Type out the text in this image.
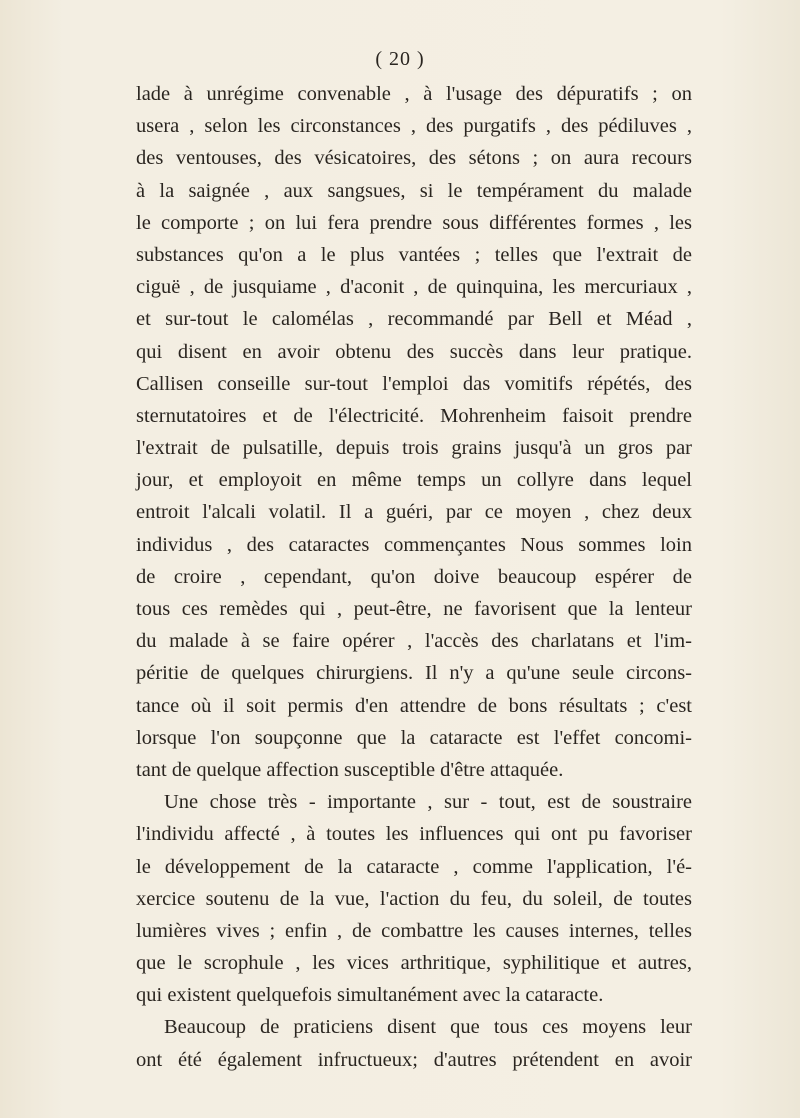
( 20 )
lade à unrégime convenable , à l'usage des dépuratifs ; on
usera , selon les circonstances , des purgatifs , des pédiluves ,
des ventouses, des vésicatoires, des sétons ; on aura recours
à la saignée , aux sangsues, si le tempérament du malade
le comporte ; on lui fera prendre sous différentes formes , les
substances qu'on a le plus vantées ; telles que l'extrait de
ciguë , de jusquiame , d'aconit , de quinquina, les mercuriaux ,
et sur-tout le calomélas , recommandé par Bell et Méad ,
qui disent en avoir obtenu des succès dans leur pratique.
Callisen conseille sur-tout l'emploi das vomitifs répétés, des
sternutatoires et de l'électricité. Mohrenheim faisoit prendre
l'extrait de pulsatille, depuis trois grains jusqu'à un gros par
jour, et employoit en même temps un collyre dans lequel
entroit l'alcali volatil. Il a guéri, par ce moyen , chez deux
individus , des cataractes commençantes Nous sommes loin
de croire , cependant, qu'on doive beaucoup espérer de
tous ces remèdes qui , peut-être, ne favorisent que la lenteur
du malade à se faire opérer , l'accès des charlatans et l'im-
péritie de quelques chirurgiens. Il n'y a qu'une seule circons-
tance où il soit permis d'en attendre de bons résultats ; c'est
lorsque l'on soupçonne que la cataracte est l'effet concomi-
tant de quelque affection susceptible d'être attaquée.
Une chose très - importante , sur - tout, est de soustraire
l'individu affecté , à toutes les influences qui ont pu favoriser
le développement de la cataracte , comme l'application, l'é-
xercice soutenu de la vue, l'action du feu, du soleil, de toutes
lumières vives ; enfin , de combattre les causes internes, telles
que le scrophule , les vices arthritique, syphilitique et autres,
qui existent quelquefois simultanément avec la cataracte.
Beaucoup de praticiens disent que tous ces moyens leur
ont été également infructueux; d'autres prétendent en avoir
